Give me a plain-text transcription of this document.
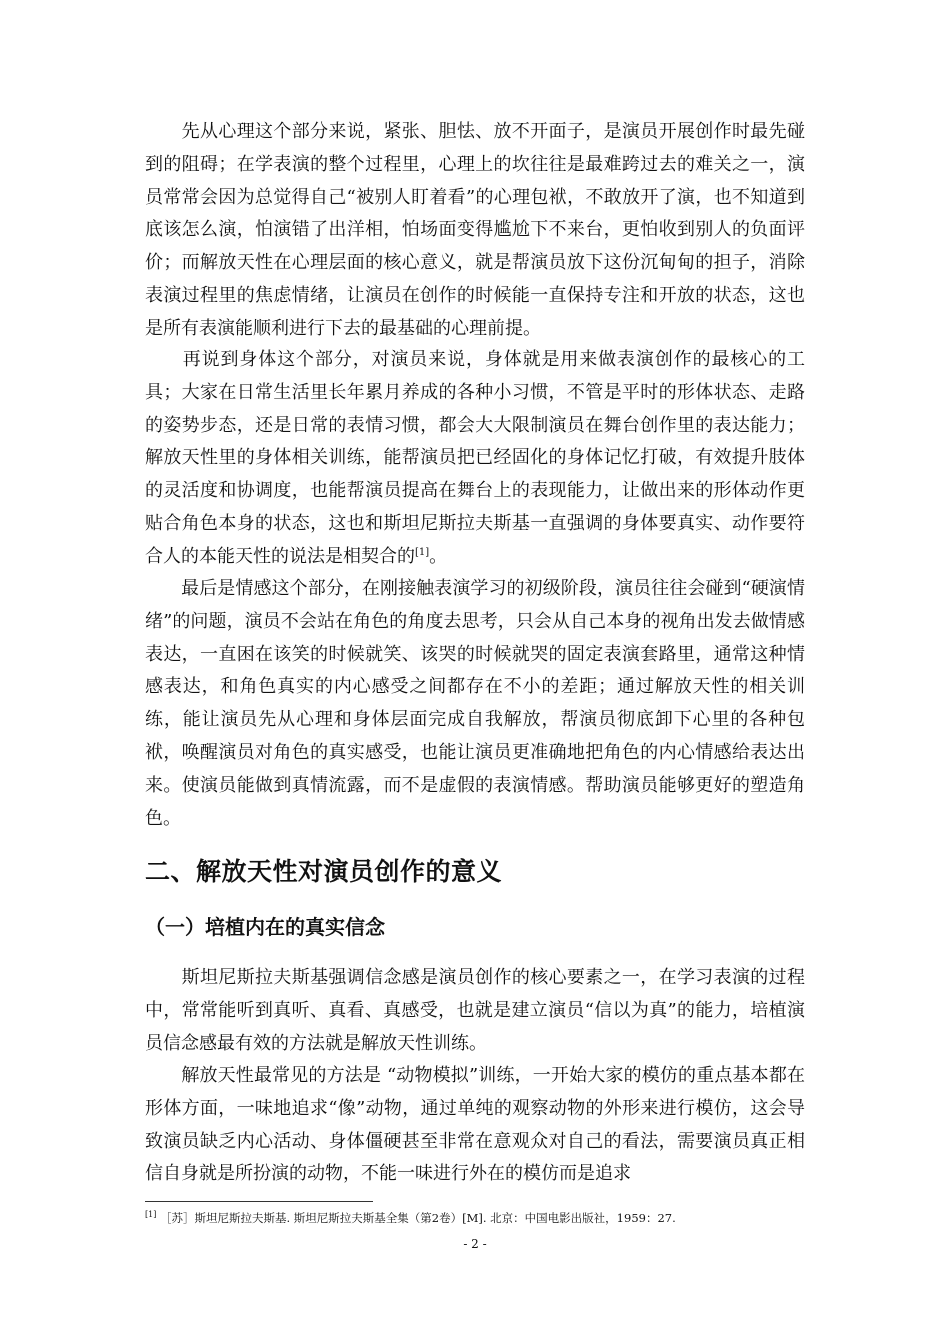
　　先从心理这个部分来说，紧张、胆怯、放不开面子，是演员开展创作时最先碰到的阻碍；在学表演的整个过程里，心理上的坎往往是最难跨过去的难关之一，演员常常会因为总觉得自己“被别人盯着看”的心理包袱，不敢放开了演，也不知道到底该怎么演，怕演错了出洋相，怕场面变得尴尬下不来台，更怕收到别人的负面评价；而解放天性在心理层面的核心意义，就是帮演员放下这份沉甸甸的担子，消除表演过程里的焦虑情绪，让演员在创作的时候能一直保持专注和开放的状态，这也是所有表演能顺利进行下去的最基础的心理前提。

　　再说到身体这个部分，对演员来说，身体就是用来做表演创作的最核心的工具；大家在日常生活里长年累月养成的各种小习惯，不管是平时的形体状态、走路的姿势步态，还是日常的表情习惯，都会大大限制演员在舞台创作里的表达能力；解放天性里的身体相关训练，能帮演员把已经固化的身体记忆打破，有效提升肢体的灵活度和协调度，也能帮演员提高在舞台上的表现能力，让做出来的形体动作更贴合角色本身的状态，这也和斯坦尼斯拉夫斯基一直强调的身体要真实、动作要符合人的本能天性的说法是相契合的[1]。

　　最后是情感这个部分，在刚接触表演学习的初级阶段，演员往往会碰到“硬演情绪”的问题，演员不会站在角色的角度去思考，只会从自己本身的视角出发去做情感表达，一直困在该笑的时候就笑、该哭的时候就哭的固定表演套路里，通常这种情感表达，和角色真实的内心感受之间都存在不小的差距；通过解放天性的相关训练，能让演员先从心理和身体层面完成自我解放，帮演员彻底卸下心里的各种包袱，唤醒演员对角色的真实感受，也能让演员更准确地把角色的内心情感给表达出来。使演员能做到真情流露，而不是虚假的表演情感。帮助演员能够更好的塑造角色。

二、解放天性对演员创作的意义
（一）培植内在的真实信念

　　斯坦尼斯拉夫斯基强调信念感是演员创作的核心要素之一，在学习表演的过程中，常常能听到真听、真看、真感受，也就是建立演员“信以为真”的能力，培植演员信念感最有效的方法就是解放天性训练。

　　解放天性最常见的方法是 “动物模拟”训练，一开始大家的模仿的重点基本都在形体方面，一味地追求“像”动物，通过单纯的观察动物的外形来进行模仿，这会导致演员缺乏内心活动、身体僵硬甚至非常在意观众对自己的看法，需要演员真正相信自身就是所扮演的动物，不能一味进行外在的模仿而是追求

[1] ［苏］斯坦尼斯拉夫斯基. 斯坦尼斯拉夫斯基全集（第2卷）[M]. 北京：中国电影出版社，1959：27.

- 2 -
